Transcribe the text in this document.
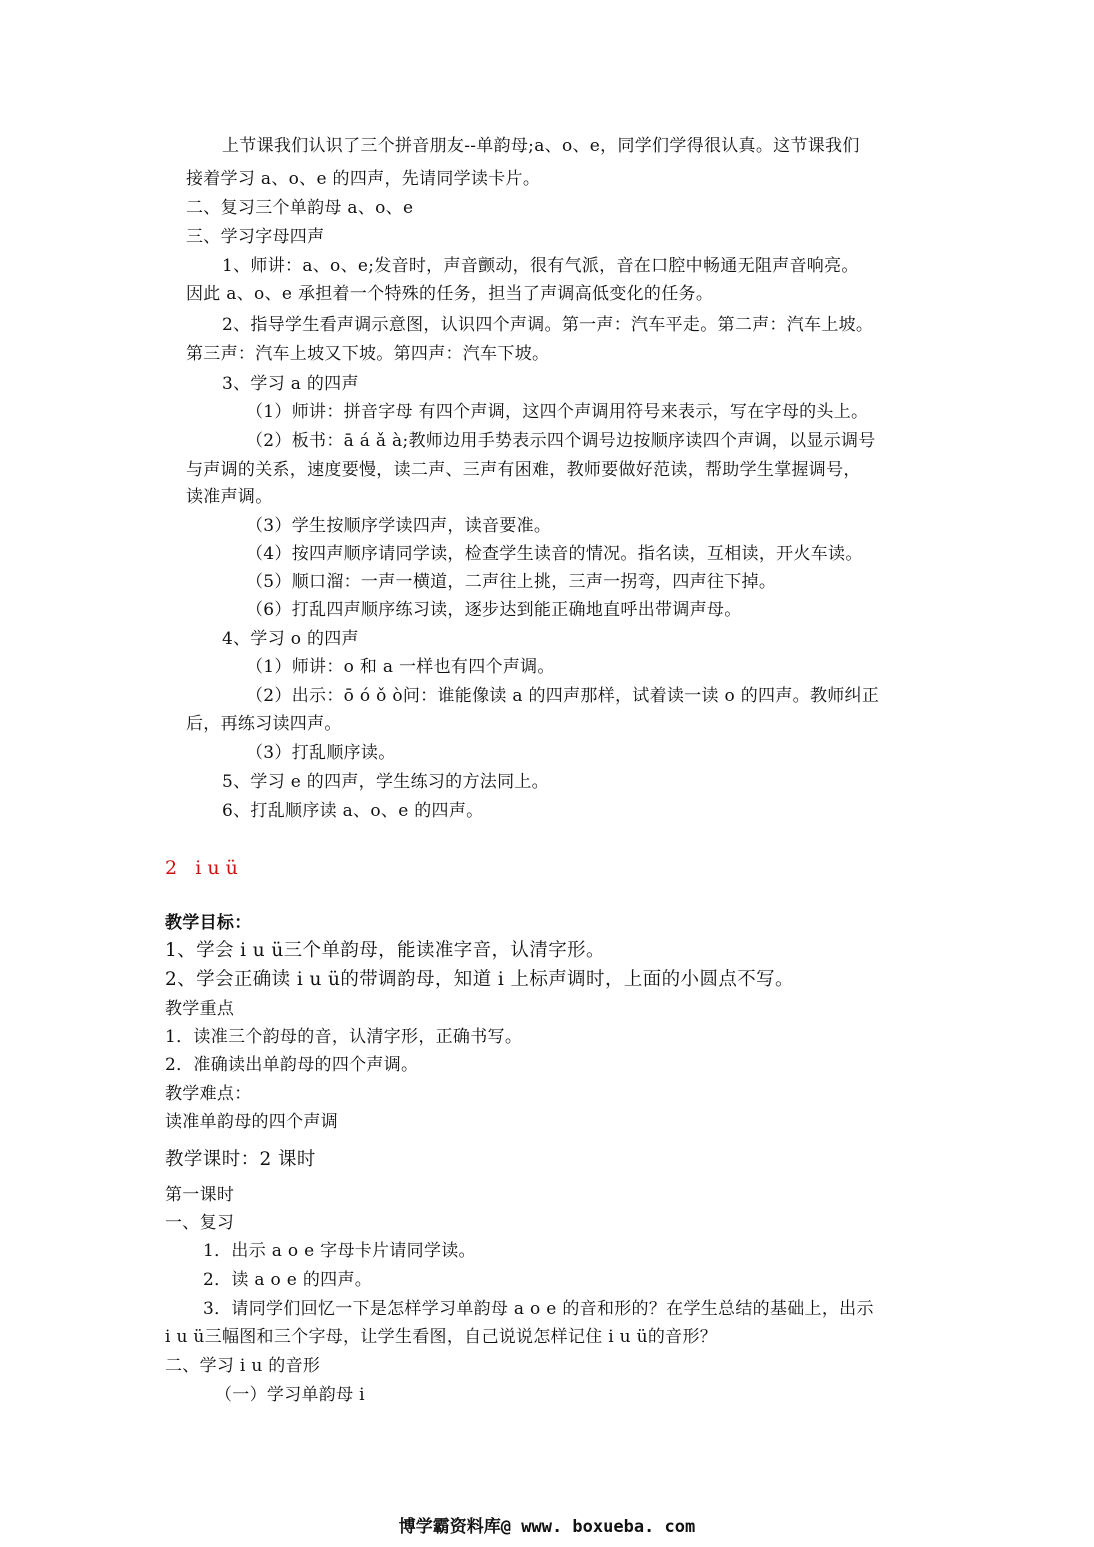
上节课我们认识了三个拼音朋友--单韵母;a、o、e，同学们学得很认真。这节课我们
接着学习 a、o、e 的四声，先请同学读卡片。
二、复习三个单韵母 a、o、e
三、学习字母四声
1、师讲：a、o、e;发音时，声音颤动，很有气派，音在口腔中畅通无阻声音响亮。
因此 a、o、e 承担着一个特殊的任务，担当了声调高低变化的任务。
2、指导学生看声调示意图，认识四个声调。第一声：汽车平走。第二声：汽车上坡。
第三声：汽车上坡又下坡。第四声：汽车下坡。
3、学习 a 的四声
（1）师讲：拼音字母 有四个声调，这四个声调用符号来表示，写在字母的头上。
（2）板书：ā á ǎ à;教师边用手势表示四个调号边按顺序读四个声调，以显示调号
与声调的关系，速度要慢，读二声、三声有困难，教师要做好范读，帮助学生掌握调号，
读准声调。
（3）学生按顺序学读四声，读音要准。
（4）按四声顺序请同学读，检查学生读音的情况。指名读，互相读，开火车读。
（5）顺口溜：一声一横道，二声往上挑，三声一拐弯，四声往下掉。
（6）打乱四声顺序练习读，逐步达到能正确地直呼出带调声母。
4、学习 o 的四声
（1）师讲：o 和 a 一样也有四个声调。
（2）出示：ō ó ǒ ò问：谁能像读 a 的四声那样，试着读一读 o 的四声。教师纠正
后，再练习读四声。
（3）打乱顺序读。
5、学习 e 的四声，学生练习的方法同上。
6、打乱顺序读 a、o、e 的四声。
2   i u ü
教学目标：
1、学会 i u ü三个单韵母，能读准字音，认清字形。
2、学会正确读 i u ü的带调韵母，知道 i 上标声调时，上面的小圆点不写。
教学重点
1．读准三个韵母的音，认清字形，正确书写。
2．准确读出单韵母的四个声调。
教学难点：
读准单韵母的四个声调
教学课时：2 课时
第一课时
一、复习
1．出示 a o e 字母卡片请同学读。
2．读 a o e 的四声。
3．请同学们回忆一下是怎样学习单韵母 a o e 的音和形的？在学生总结的基础上，出示
i u ü三幅图和三个字母，让学生看图，自己说说怎样记住 i u ü的音形？
二、学习 i u 的音形
（一）学习单韵母 i
博学霸资料库@ www. boxueba. com
